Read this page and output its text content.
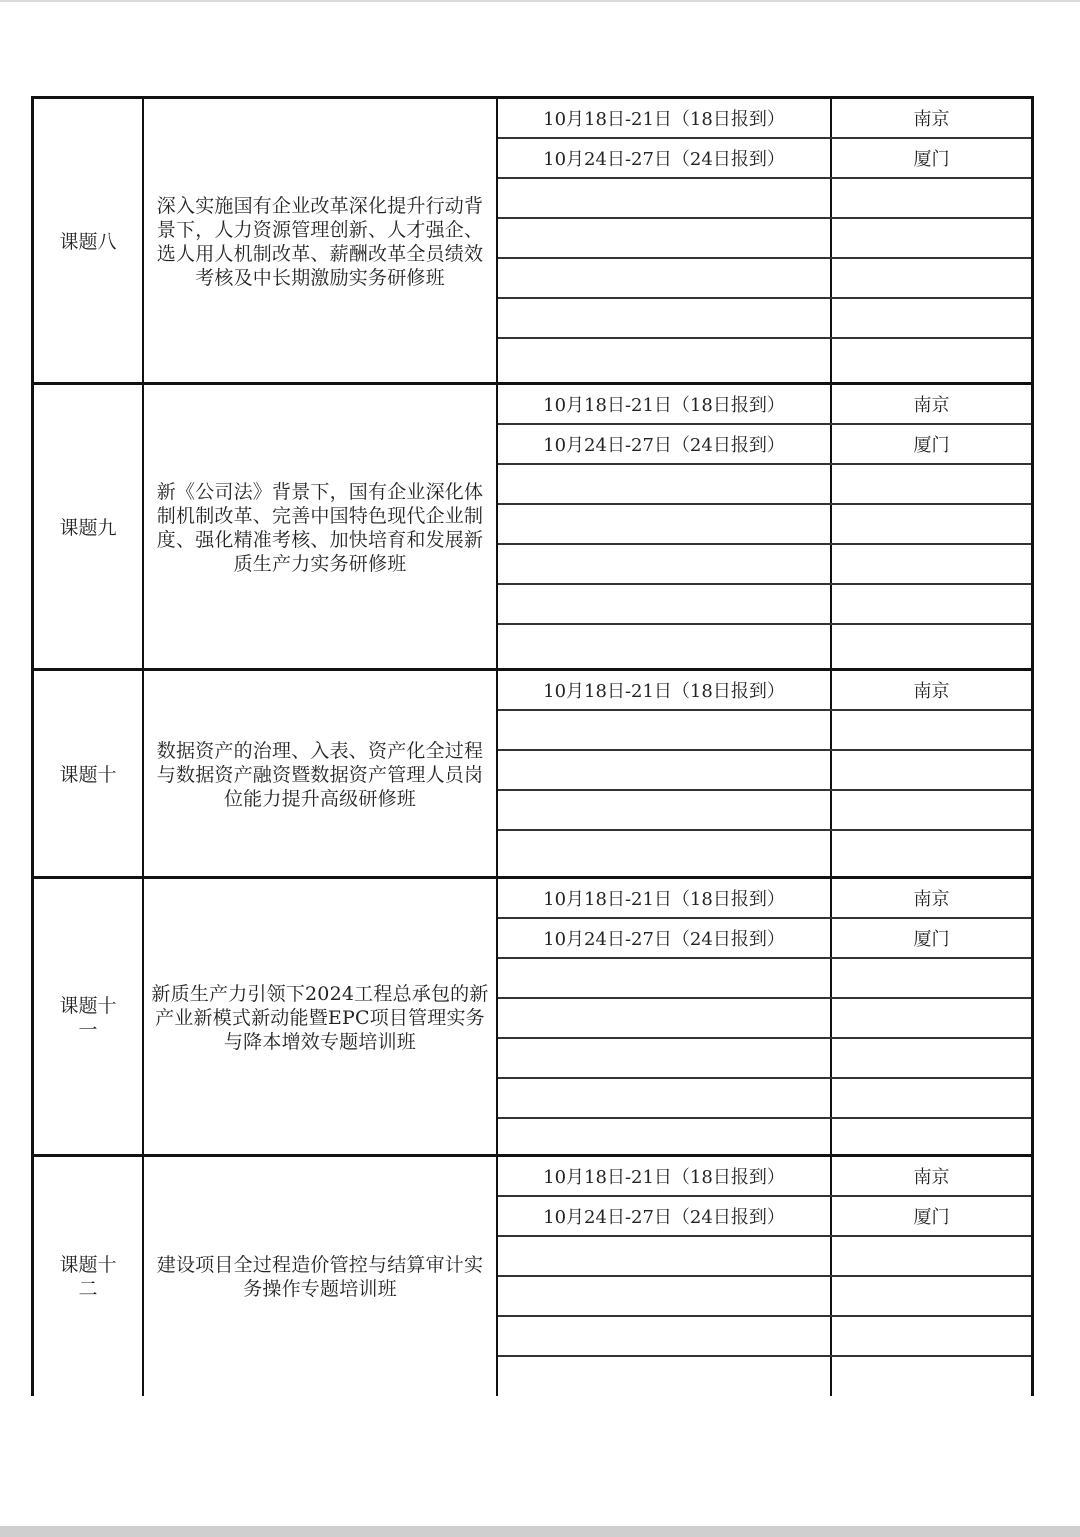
课题八
深入实施国有企业改革深化提升行动背景下，人力资源管理创新、人才强企、选人用人机制改革、薪酬改革全员绩效考核及中长期激励实务研修班
10月18日-21日（18日报到）	南京
10月24日-27日（24日报到）	厦门
课题九
新《公司法》背景下，国有企业深化体制机制改革、完善中国特色现代企业制度、强化精准考核、加快培育和发展新质生产力实务研修班
10月18日-21日（18日报到）	南京
10月24日-27日（24日报到）	厦门
课题十
数据资产的治理、入表、资产化全过程与数据资产融资暨数据资产管理人员岗位能力提升高级研修班
10月18日-21日（18日报到）	南京
课题十一
新质生产力引领下2024工程总承包的新产业新模式新动能暨EPC项目管理实务与降本增效专题培训班
10月18日-21日（18日报到）	南京
10月24日-27日（24日报到）	厦门
课题十二
建设项目全过程造价管控与结算审计实务操作专题培训班
10月18日-21日（18日报到）	南京
10月24日-27日（24日报到）	厦门
